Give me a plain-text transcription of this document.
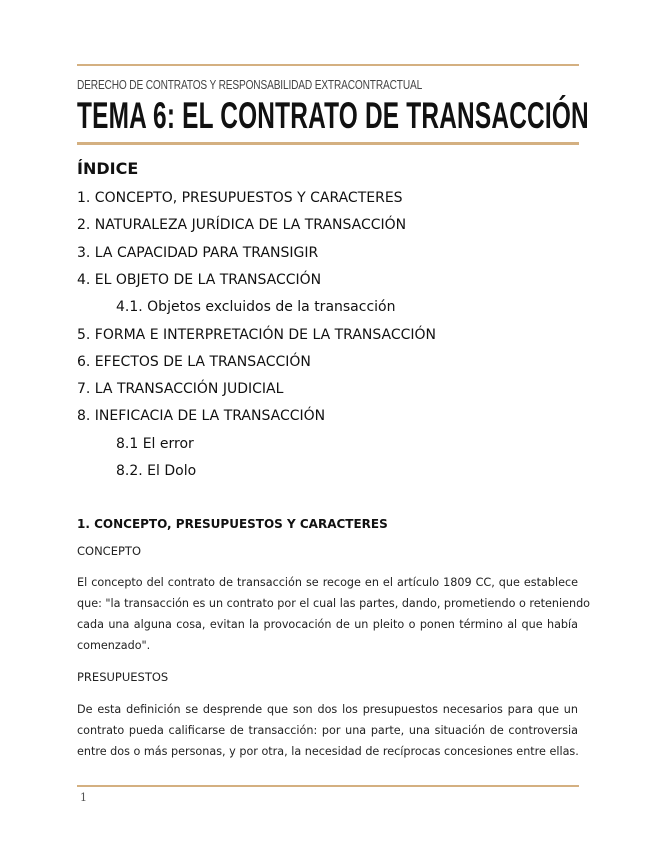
DERECHO DE CONTRATOS Y RESPONSABILIDAD EXTRACONTRACTUAL
TEMA 6: EL CONTRATO DE TRANSACCIÓN
ÍNDICE
1. CONCEPTO, PRESUPUESTOS Y CARACTERES
2. NATURALEZA JURÍDICA DE LA TRANSACCIÓN
3. LA CAPACIDAD PARA TRANSIGIR
4. EL OBJETO DE LA TRANSACCIÓN
4.1. Objetos excluidos de la transacción
5. FORMA E INTERPRETACIÓN DE LA TRANSACCIÓN
6. EFECTOS DE LA TRANSACCIÓN
7. LA TRANSACCIÓN JUDICIAL
8. INEFICACIA DE LA TRANSACCIÓN
8.1 El error
8.2. El Dolo
1. CONCEPTO, PRESUPUESTOS Y CARACTERES
CONCEPTO
El concepto del contrato de transacción se recoge en el artículo 1809 CC, que establece
que: "la transacción es un contrato por el cual las partes, dando, prometiendo o reteniendo
cada una alguna cosa, evitan la provocación de un pleito o ponen término al que había
comenzado".
PRESUPUESTOS
De esta definición se desprende que son dos los presupuestos necesarios para que un
contrato pueda calificarse de transacción: por una parte, una situación de controversia
entre dos o más personas, y por otra, la necesidad de recíprocas concesiones entre ellas.
1
